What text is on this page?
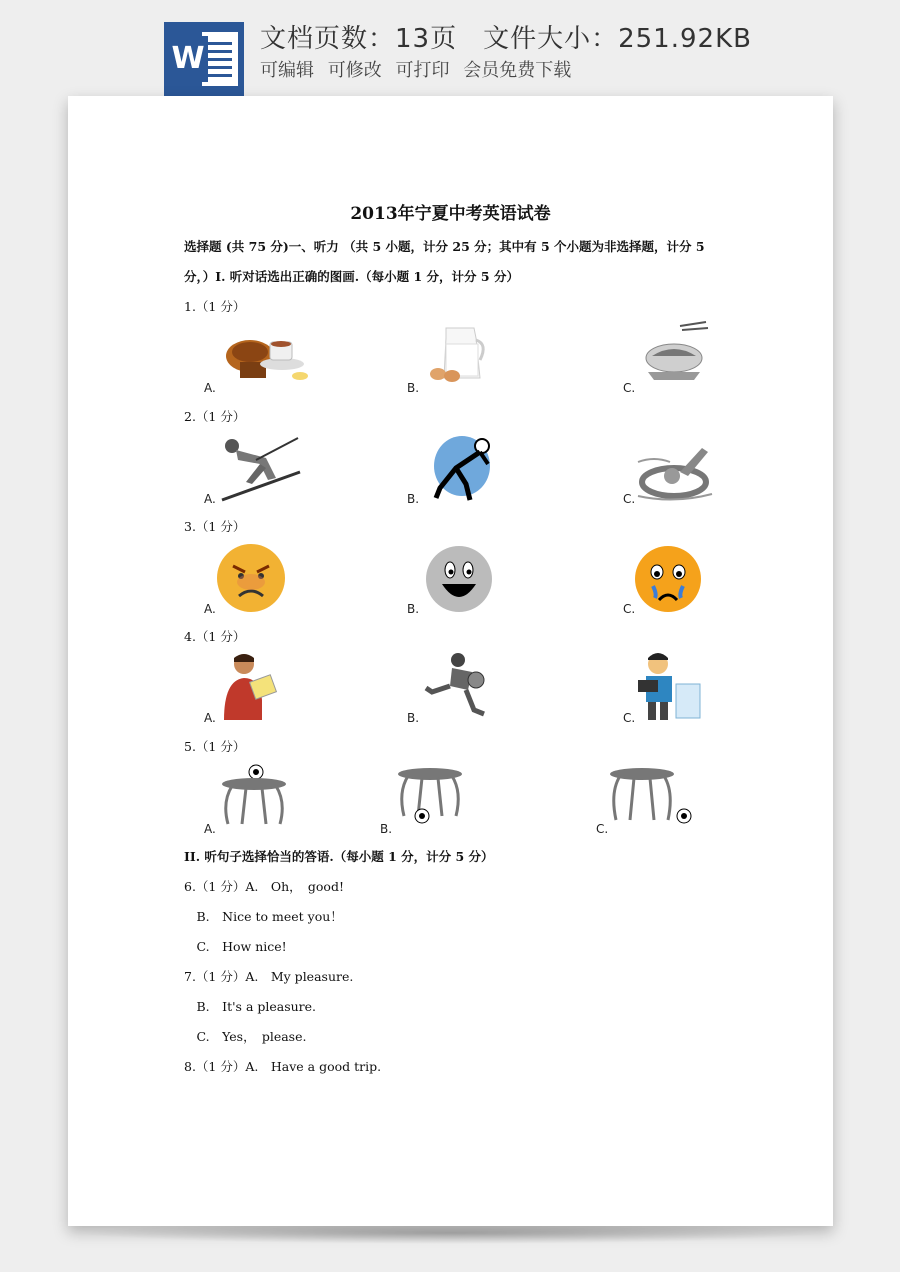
W
文档页数：13页 文件大小：251.92KB
可编辑 可修改 可打印 会员免费下载
2013年宁夏中考英语试卷
选择题 (共 75 分)一、听力 （共 5 小题，计分 25 分；其中有 5 个小题为非选择题，计分 5
分，）I. 听对话选出正确的图画.（每小题 1 分，计分 5 分）
1.（1 分）
A.	B.	C.
2.（1 分）
A.	B.	C.
3.（1 分）
A.	B.	C.
4.（1 分）
A.	B.	C.
5.（1 分）
A.	B.	C.
II. 听句子选择恰当的答语.（每小题 1 分，计分 5 分）
6.（1 分）A.　Oh，　good!
　B.　Nice to meet you！
　C.　How nice!
7.（1 分）A.　My pleasure.
　B.　It's a pleasure.
　C.　Yes，　please.
8.（1 分）A.　Have a good trip.
